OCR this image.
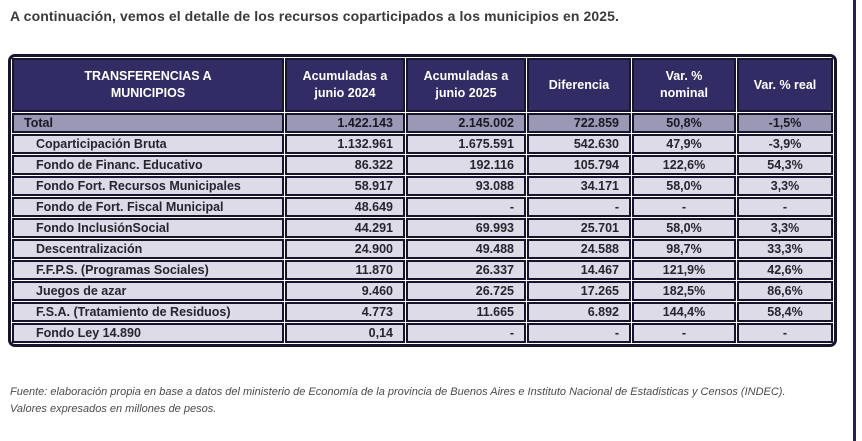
A continuación, vemos el detalle de los recursos coparticipados a los municipios en 2025.

TRANSFERENCIAS A MUNICIPIOS	Acumuladas a junio 2024	Acumuladas a junio 2025	Diferencia	Var. % nominal	Var. % real
Total	1.422.143	2.145.002	722.859	50,8%	-1,5%
Coparticipación Bruta	1.132.961	1.675.591	542.630	47,9%	-3,9%
Fondo de Financ. Educativo	86.322	192.116	105.794	122,6%	54,3%
Fondo Fort. Recursos Municipales	58.917	93.088	34.171	58,0%	3,3%
Fondo de Fort. Fiscal Municipal	48.649	-	-	-	-
Fondo InclusiónSocial	44.291	69.993	25.701	58,0%	3,3%
Descentralización	24.900	49.488	24.588	98,7%	33,3%
F.F.P.S. (Programas Sociales)	11.870	26.337	14.467	121,9%	42,6%
Juegos de azar	9.460	26.725	17.265	182,5%	86,6%
F.S.A. (Tratamiento de Residuos)	4.773	11.665	6.892	144,4%	58,4%
Fondo Ley 14.890	0,14	-	-	-	-
Fuente: elaboración propia en base a datos del ministerio de Economía de la provincia de Buenos Aires e Instituto Nacional de Estadisticas y Censos (INDEC).
Valores expresados en millones de pesos.
